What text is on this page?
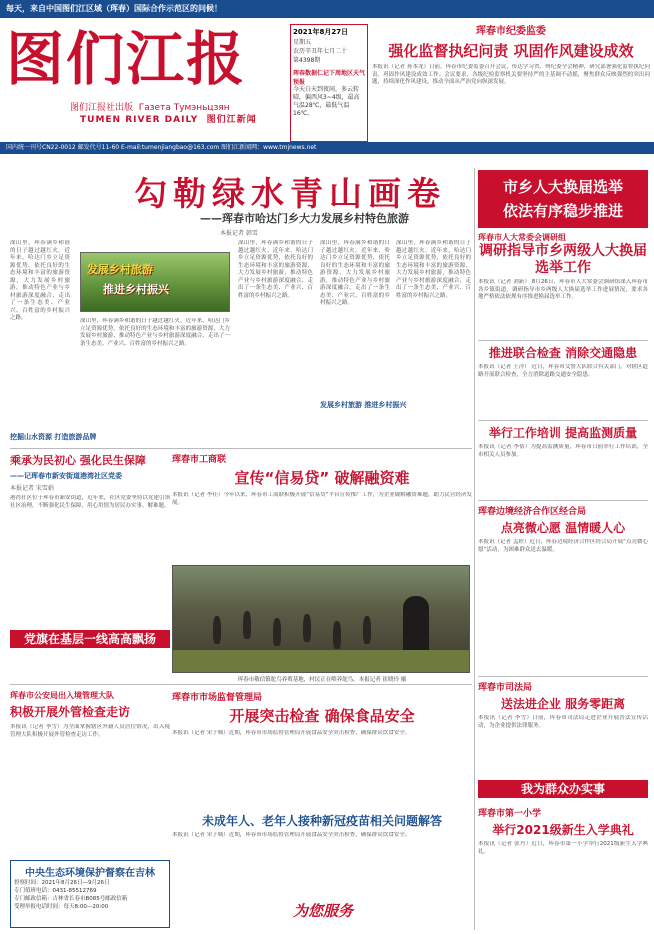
每天，来自中国图们江区域（珲春）国际合作示范区的问候！
图们江报
图们江报社出版 Газета Тумэньцзян
TUMEN RIVER DAILY 图们江新闻
2021年8月27日
星期五
农历辛丑年七月二十
第4398期
珲春数据仁记下周地区天气预报
今天白天到夜间，多云转晴，偏西风3~4级，最高气温28℃，最低气温16℃。
珲春市纪委监委
强化监督执纪问责 巩固作风建设成效
本报讯（记者 孙本龙）日前，珲春市纪委监委召开会议，传达学习省、州纪委全会精神，研究部署强化监督执纪问责、巩固作风建设成效工作。会议要求，各级纪检监察机关要坚持严的主基调不动摇，聚焦群众反映强烈的突出问题，持续深化作风建设，推动全面从严治党向纵深发展。
国内统一刊号CN22-0012 邮发代号11-60 E-mail:tumenjiangbao@163.com 图们江新闻网：www.tmjnews.net
勾勒绿水青山画卷
——珲春市哈达门乡大力发展乡村特色旅游
本报记者 韩雪
市乡人大换届选举
依法有序稳步推进
深山里，珲春满乡和谐的日子越过越红火。近年来，哈达门乡立足资源优势，依托良好的生态环境和丰富的旅游资源，大力发展乡村旅游，推动特色产业与乡村旅游深度融合，走出了一条生态美、产业兴、百姓富的乡村振兴之路。
发展乡村旅游
推进乡村振兴
挖掘山水资源 打造旅游品牌
深山里，珲春满乡和谐的日子越过越红火。近年来，哈达门乡立足资源优势，依托良好的生态环境和丰富的旅游资源，大力发展乡村旅游，推动特色产业与乡村旅游深度融合，走出了一条生态美、产业兴、百姓富的乡村振兴之路。
深山里，珲春满乡和谐的日子越过越红火。近年来，哈达门乡立足资源优势，依托良好的生态环境和丰富的旅游资源，大力发展乡村旅游，推动特色产业与乡村旅游深度融合，走出了一条生态美、产业兴、百姓富的乡村振兴之路。
发展乡村旅游 推进乡村振兴
深山里，珲春满乡和谐的日子越过越红火。近年来，哈达门乡立足资源优势，依托良好的生态环境和丰富的旅游资源，大力发展乡村旅游，推动特色产业与乡村旅游深度融合，走出了一条生态美、产业兴、百姓富的乡村振兴之路。
深山里，珲春满乡和谐的日子越过越红火。近年来，哈达门乡立足资源优势，依托良好的生态环境和丰富的旅游资源，大力发展乡村旅游，推动特色产业与乡村旅游深度融合，走出了一条生态美、产业兴、百姓富的乡村振兴之路。
珲春市人大常委会调研组
调研指导市乡两级人大换届选举工作
本报讯（记者 刘新） 8月26日，珲春市人大常委会调研组深入珲春市各乡镇街道，调研指导市乡两级人大换届选举工作进展情况，要求各地严格依法依规有序推进换届选举工作。
推进联合检查 消除交通隐患
本报讯（记者 王洋） 近日，珲春市交警大队联合有关部门，对辖区道路开展联合检查，全力消除道路交通安全隐患。
举行工作培训 提高监测质量
本报讯（记者 李倩）为提高监测质量，珲春市日前举行工作培训，全市相关人员参加。
珲春边境经济合作区经合局
点亮微心愿 温情暖人心
本报讯（记者 孟婷）近日，珲春边境经济合作区经合局开展“点亮微心愿”活动，为困难群众送去温暖。
珲春市司法局
送法进企业 服务零距离
本报讯（记者 李雪）日前，珲春市司法局走进企业开展普法宣传活动，为企业提供法律服务。
我为群众办实事
珲春市第一小学
举行2021级新生入学典礼
本报讯（记者 张丹）近日，珲春市第一小学举行2021级新生入学典礼。
乘承为民初心 强化民生保障
——记珲春市新安街道港湾社区党委
本报记者 宋雪娟
港湾社区位于珲春市新安街道，近年来，社区党委坚持以党建引领社区治理，不断强化民生保障，用心用情为居民办实事、解难题。
党旗在基层一线高高飘扬
珲春市工商联
宣传“信易贷” 破解融资难
本报讯（记者 李佳）今年以来，珲春市工商联积极开展“信易贷”平台宣传推广工作，为企业破解融资难题，助力民营经济发展。
珲春市敬信镇鸵鸟养殖基地，村民正在喂养鸵鸟。本报记者 崔晓玲 摄
珲春市公安局出入境管理大队
积极开展外管检查走访
本报讯（记者 李雪）为全面掌握辖区外籍人员居住情况，出入境管理大队积极开展外管检查走访工作。
珲春市市场监督管理局
开展突击检查 确保食品安全
本报讯（记者 宋子城）近期，珲春市市场监督管理局开展食品安全突击检查，确保群众饮食安全。
未成年人、老年人接种新冠疫苗相关问题解答
本报讯（记者 宋子城）近期，珲春市市场监督管理局开展食品安全突击检查，确保群众饮食安全。
中央生态环境保护督察在吉林
督察时间：2021年8月26日—9月26日
专门值班电话：0431-85512769
专门邮政信箱：吉林省长春市B085号邮政信箱
受理举报电话时间：每天8:00—20:00	为您服务
